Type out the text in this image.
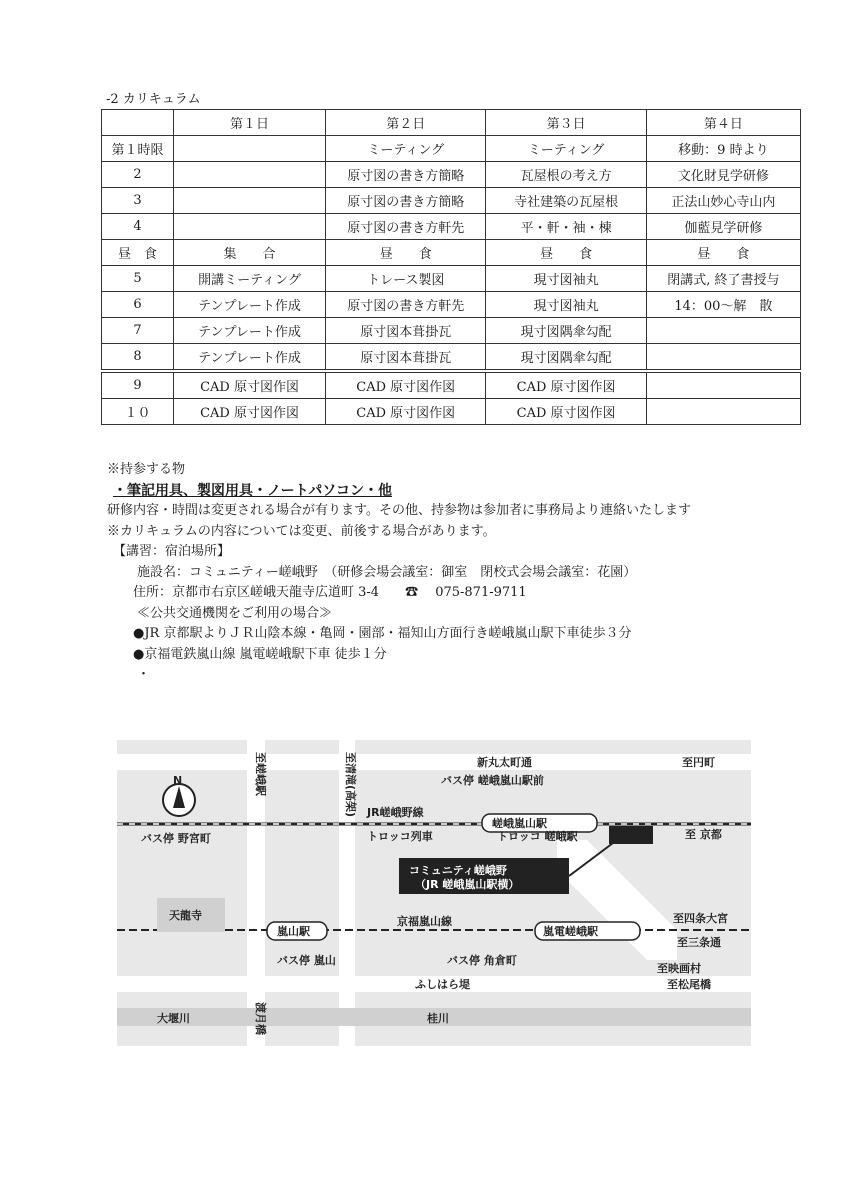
-2 カリキュラム
	第１日	第２日	第３日	第４日
第１時限		ミーティング	ミーティング	移動：9 時より
2		原寸図の書き方簡略	瓦屋根の考え方	文化財見学研修
3		原寸図の書き方簡略	寺社建築の瓦屋根	正法山妙心寺山内
4		原寸図の書き方軒先	平・軒・袖・棟	伽藍見学研修
昼　食	集　　合	昼　　食	昼　　食	昼　　食
5	開講ミーティング	トレース製図	現寸図袖丸	閉講式, 終了書授与
6	テンプレート作成	原寸図の書き方軒先	現寸図袖丸	14：00〜解　散
7	テンプレート作成	原寸図本葺掛瓦	現寸図隅傘勾配	
8	テンプレート作成	原寸図本葺掛瓦	現寸図隅傘勾配	
9	CAD 原寸図作図	CAD 原寸図作図	CAD 原寸図作図	
１０	CAD 原寸図作図	CAD 原寸図作図	CAD 原寸図作図	
※持参する物
・筆記用具、製図用具・ノートパソコン・他
研修内容・時間は変更される場合が有ります。その他、持参物は参加者に事務局より連絡いたします
※カリキュラムの内容については変更、前後する場合があります。
【講習：宿泊場所】
施設名：コミュニティー嵯峨野　（研修会場会議室：御室　閉校式会場会議室：花園）
住所：京都市右京区嵯峨天龍寺広道町 3-4　　☎　 075-871-9711
≪公共交通機関をご利用の場合≫
●JR 京都駅よりＪＲ山陰本線・亀岡・園部・福知山方面行き嵯峨嵐山駅下車徒歩３分
●京福電鉄嵐山線 嵐電嵯峨駅下車 徒歩１分
・
N
新丸太町通	至円町
バス停 嵯峨嵐山駅前
JR嵯峨野線
嵯峨嵐山駅
バス停 野宮町	トロッコ列車	トロッコ 嵯峨駅	至 京都
コミュニティ嵯峨野
（JR 嵯峨嵐山駅横）
天龍寺
嵐山駅
京福嵐山線
嵐電嵯峨駅
至四条大宮
至三条通
バス停 嵐山	バス停 角倉町
至映画村
ふしはら堤	至松尾橋
大堰川	桂川
至嵯峨駅	至清滝(高架)
渡月橋
